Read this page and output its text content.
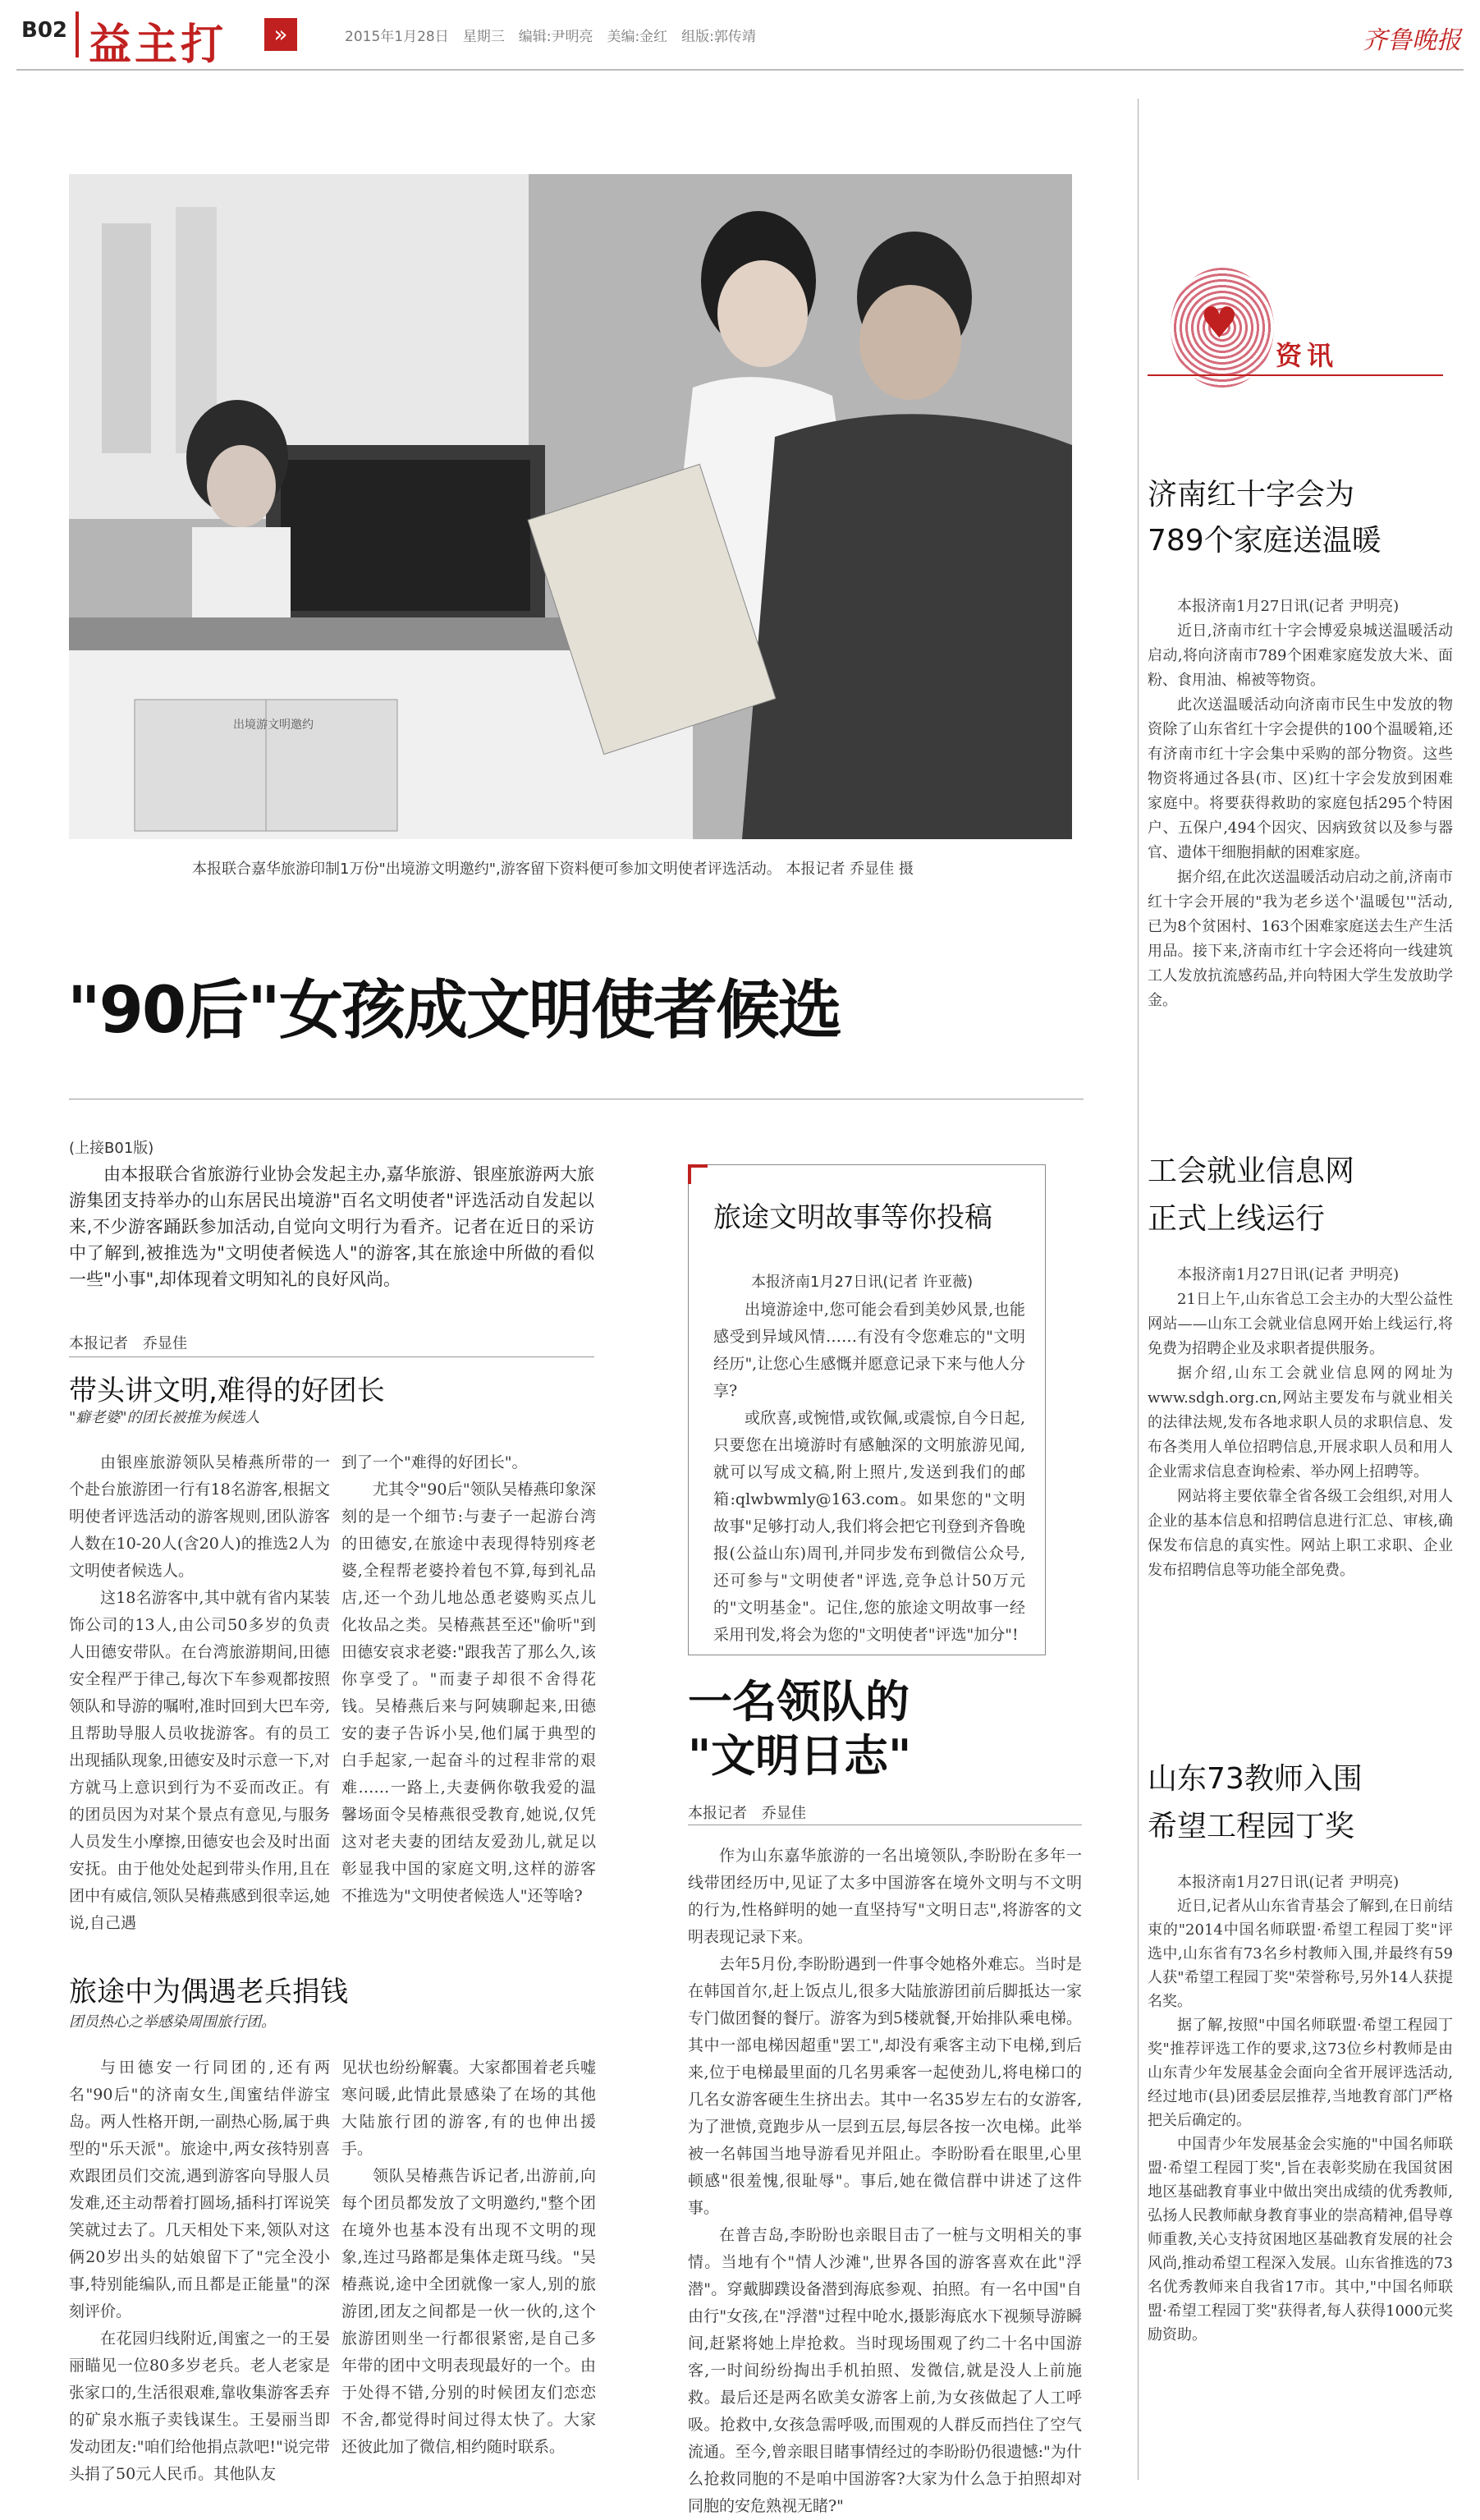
B02 益主打	»	2015年1月28日　星期三　编辑:尹明亮　美编:金红　组版:郭传靖	齐鲁晚报
出境游文明邀约
本报联合嘉华旅游印制1万份"出境游文明邀约",游客留下资料便可参加文明使者评选活动。 本报记者 乔显佳 摄
"90后"女孩成文明使者候选
(上接B01版)
由本报联合省旅游行业协会发起主办,嘉华旅游、银座旅游两大旅游集团支持举办的山东居民出境游"百名文明使者"评选活动自发起以来,不少游客踊跃参加活动,自觉向文明行为看齐。记者在近日的采访中了解到,被推选为"文明使者候选人"的游客,其在旅途中所做的看似一些"小事",却体现着文明知礼的良好风尚。
本报记者　乔显佳
带头讲文明,难得的好团长
"癖老婆"的团长被推为候选人

由银座旅游领队吴椿燕所带的一个赴台旅游团一行有18名游客,根据文明使者评选活动的游客规则,团队游客人数在10-20人(含20人)的推选2人为文明使者候选人。

这18名游客中,其中就有省内某装饰公司的13人,由公司50多岁的负责人田德安带队。在台湾旅游期间,田德安全程严于律己,每次下车参观都按照领队和导游的嘱咐,准时回到大巴车旁,且帮助导服人员收拢游客。有的员工出现插队现象,田德安及时示意一下,对方就马上意识到行为不妥而改正。有的团员因为对某个景点有意见,与服务人员发生小摩擦,田德安也会及时出面安抚。由于他处处起到带头作用,且在团中有威信,领队吴椿燕感到很幸运,她说,自己遇

到了一个"难得的好团长"。

尤其令"90后"领队吴椿燕印象深刻的是一个细节:与妻子一起游台湾的田德安,在旅途中表现得特别疼老婆,全程帮老婆拎着包不算,每到礼品店,还一个劲儿地怂恿老婆购买点儿化妆品之类。吴椿燕甚至还"偷听"到田德安哀求老婆:"跟我苦了那么久,该你享受了。"而妻子却很不舍得花钱。吴椿燕后来与阿姨聊起来,田德安的妻子告诉小吴,他们属于典型的白手起家,一起奋斗的过程非常的艰难……一路上,夫妻俩你敬我爱的温馨场面令吴椿燕很受教育,她说,仅凭这对老夫妻的团结友爱劲儿,就足以彰显我中国的家庭文明,这样的游客不推选为"文明使者候选人"还等啥?

旅途中为偶遇老兵捐钱
团员热心之举感染周围旅行团。

与田德安一行同团的,还有两名"90后"的济南女生,闺蜜结伴游宝岛。两人性格开朗,一副热心肠,属于典型的"乐天派"。旅途中,两女孩特别喜欢跟团员们交流,遇到游客向导服人员发难,还主动帮着打圆场,插科打诨说笑笑就过去了。几天相处下来,领队对这俩20岁出头的姑娘留下了"完全没小事,特别能编队,而且都是正能量"的深刻评价。

在花园归线附近,闺蜜之一的王晏丽瞄见一位80多岁老兵。老人老家是张家口的,生活很艰难,靠收集游客丢弃的矿泉水瓶子卖钱谋生。王晏丽当即发动团友:"咱们给他捐点款吧!"说完带头捐了50元人民币。其他队友

见状也纷纷解囊。大家都围着老兵嘘寒问暖,此情此景感染了在场的其他大陆旅行团的游客,有的也伸出援手。

领队吴椿燕告诉记者,出游前,向每个团员都发放了文明邀约,"整个团在境外也基本没有出现不文明的现象,连过马路都是集体走斑马线。"吴椿燕说,途中全团就像一家人,别的旅游团,团友之间都是一伙一伙的,这个旅游团则坐一行都很紧密,是自己多年带的团中文明表现最好的一个。由于处得不错,分别的时候团友们恋恋不舍,都觉得时间过得太快了。大家还彼此加了微信,相约随时联系。

旅途文明故事等你投稿
本报济南1月27日讯(记者 许亚薇)

出境游途中,您可能会看到美妙风景,也能感受到异域风情……有没有令您难忘的"文明经历",让您心生感慨并愿意记录下来与他人分享?

或欣喜,或惋惜,或钦佩,或震惊,自今日起,只要您在出境游时有感触深的文明旅游见闻,就可以写成文稿,附上照片,发送到我们的邮箱:qlwbwmly@163.com。如果您的"文明故事"足够打动人,我们将会把它刊登到齐鲁晚报(公益山东)周刊,并同步发布到微信公众号,还可参与"文明使者"评选,竞争总计50万元的"文明基金"。记住,您的旅途文明故事一经采用刊发,将会为您的"文明使者"评选"加分"!

一名领队的
"文明日志"
本报记者　乔显佳

作为山东嘉华旅游的一名出境领队,李盼盼在多年一线带团经历中,见证了太多中国游客在境外文明与不文明的行为,性格鲜明的她一直坚持写"文明日志",将游客的文明表现记录下来。

去年5月份,李盼盼遇到一件事令她格外难忘。当时是在韩国首尔,赶上饭点儿,很多大陆旅游团前后脚抵达一家专门做团餐的餐厅。游客为到5楼就餐,开始排队乘电梯。其中一部电梯因超重"罢工",却没有乘客主动下电梯,到后来,位于电梯最里面的几名男乘客一起使劲儿,将电梯口的几名女游客硬生生挤出去。其中一名35岁左右的女游客,为了泄愤,竟跑步从一层到五层,每层各按一次电梯。此举被一名韩国当地导游看见并阻止。李盼盼看在眼里,心里顿感"很羞愧,很耻辱"。事后,她在微信群中讲述了这件事。

在普吉岛,李盼盼也亲眼目击了一桩与文明相关的事情。当地有个"情人沙滩",世界各国的游客喜欢在此"浮潜"。穿戴脚蹼设备潜到海底参观、拍照。有一名中国"自由行"女孩,在"浮潜"过程中呛水,摄影海底水下视频导游瞬间,赶紧将她上岸抢救。当时现场围观了约二十名中国游客,一时间纷纷掏出手机拍照、发微信,就是没人上前施救。最后还是两名欧美女游客上前,为女孩做起了人工呼吸。抢救中,女孩急需呼吸,而围观的人群反而挡住了空气流通。至今,曾亲眼目睹事情经过的李盼盼仍很遗憾:"为什么抢救同胞的不是咱中国游客?大家为什么急于拍照却对同胞的安危熟视无睹?"

♥
资讯
济南红十字会为
789个家庭送温暖

本报济南1月27日讯(记者 尹明亮)

近日,济南市红十字会博爱泉城送温暖活动启动,将向济南市789个困难家庭发放大米、面粉、食用油、棉被等物资。

此次送温暖活动向济南市民生中发放的物资除了山东省红十字会提供的100个温暖箱,还有济南市红十字会集中采购的部分物资。这些物资将通过各县(市、区)红十字会发放到困难家庭中。将要获得救助的家庭包括295个特困户、五保户,494个因灾、因病致贫以及参与器官、遗体干细胞捐献的困难家庭。

据介绍,在此次送温暖活动启动之前,济南市红十字会开展的"我为老乡送个'温暖包'"活动,已为8个贫困村、163个困难家庭送去生产生活用品。接下来,济南市红十字会还将向一线建筑工人发放抗流感药品,并向特困大学生发放助学金。

工会就业信息网
正式上线运行

本报济南1月27日讯(记者 尹明亮)

21日上午,山东省总工会主办的大型公益性网站——山东工会就业信息网开始上线运行,将免费为招聘企业及求职者提供服务。

据介绍,山东工会就业信息网的网址为www.sdgh.org.cn,网站主要发布与就业相关的法律法规,发布各地求职人员的求职信息、发布各类用人单位招聘信息,开展求职人员和用人企业需求信息查询检索、举办网上招聘等。

网站将主要依靠全省各级工会组织,对用人企业的基本信息和招聘信息进行汇总、审核,确保发布信息的真实性。网站上职工求职、企业发布招聘信息等功能全部免费。

山东73教师入围
希望工程园丁奖

本报济南1月27日讯(记者 尹明亮)

近日,记者从山东省青基会了解到,在日前结束的"2014中国名师联盟·希望工程园丁奖"评选中,山东省有73名乡村教师入围,并最终有59人获"希望工程园丁奖"荣誉称号,另外14人获提名奖。

据了解,按照"中国名师联盟·希望工程园丁奖"推荐评选工作的要求,这73位乡村教师是由山东青少年发展基金会面向全省开展评选活动,经过地市(县)团委层层推荐,当地教育部门严格把关后确定的。

中国青少年发展基金会实施的"中国名师联盟·希望工程园丁奖",旨在表彰奖励在我国贫困地区基础教育事业中做出突出成绩的优秀教师,弘扬人民教师献身教育事业的崇高精神,倡导尊师重教,关心支持贫困地区基础教育发展的社会风尚,推动希望工程深入发展。山东省推选的73名优秀教师来自我省17市。其中,"中国名师联盟·希望工程园丁奖"获得者,每人获得1000元奖励资助。
